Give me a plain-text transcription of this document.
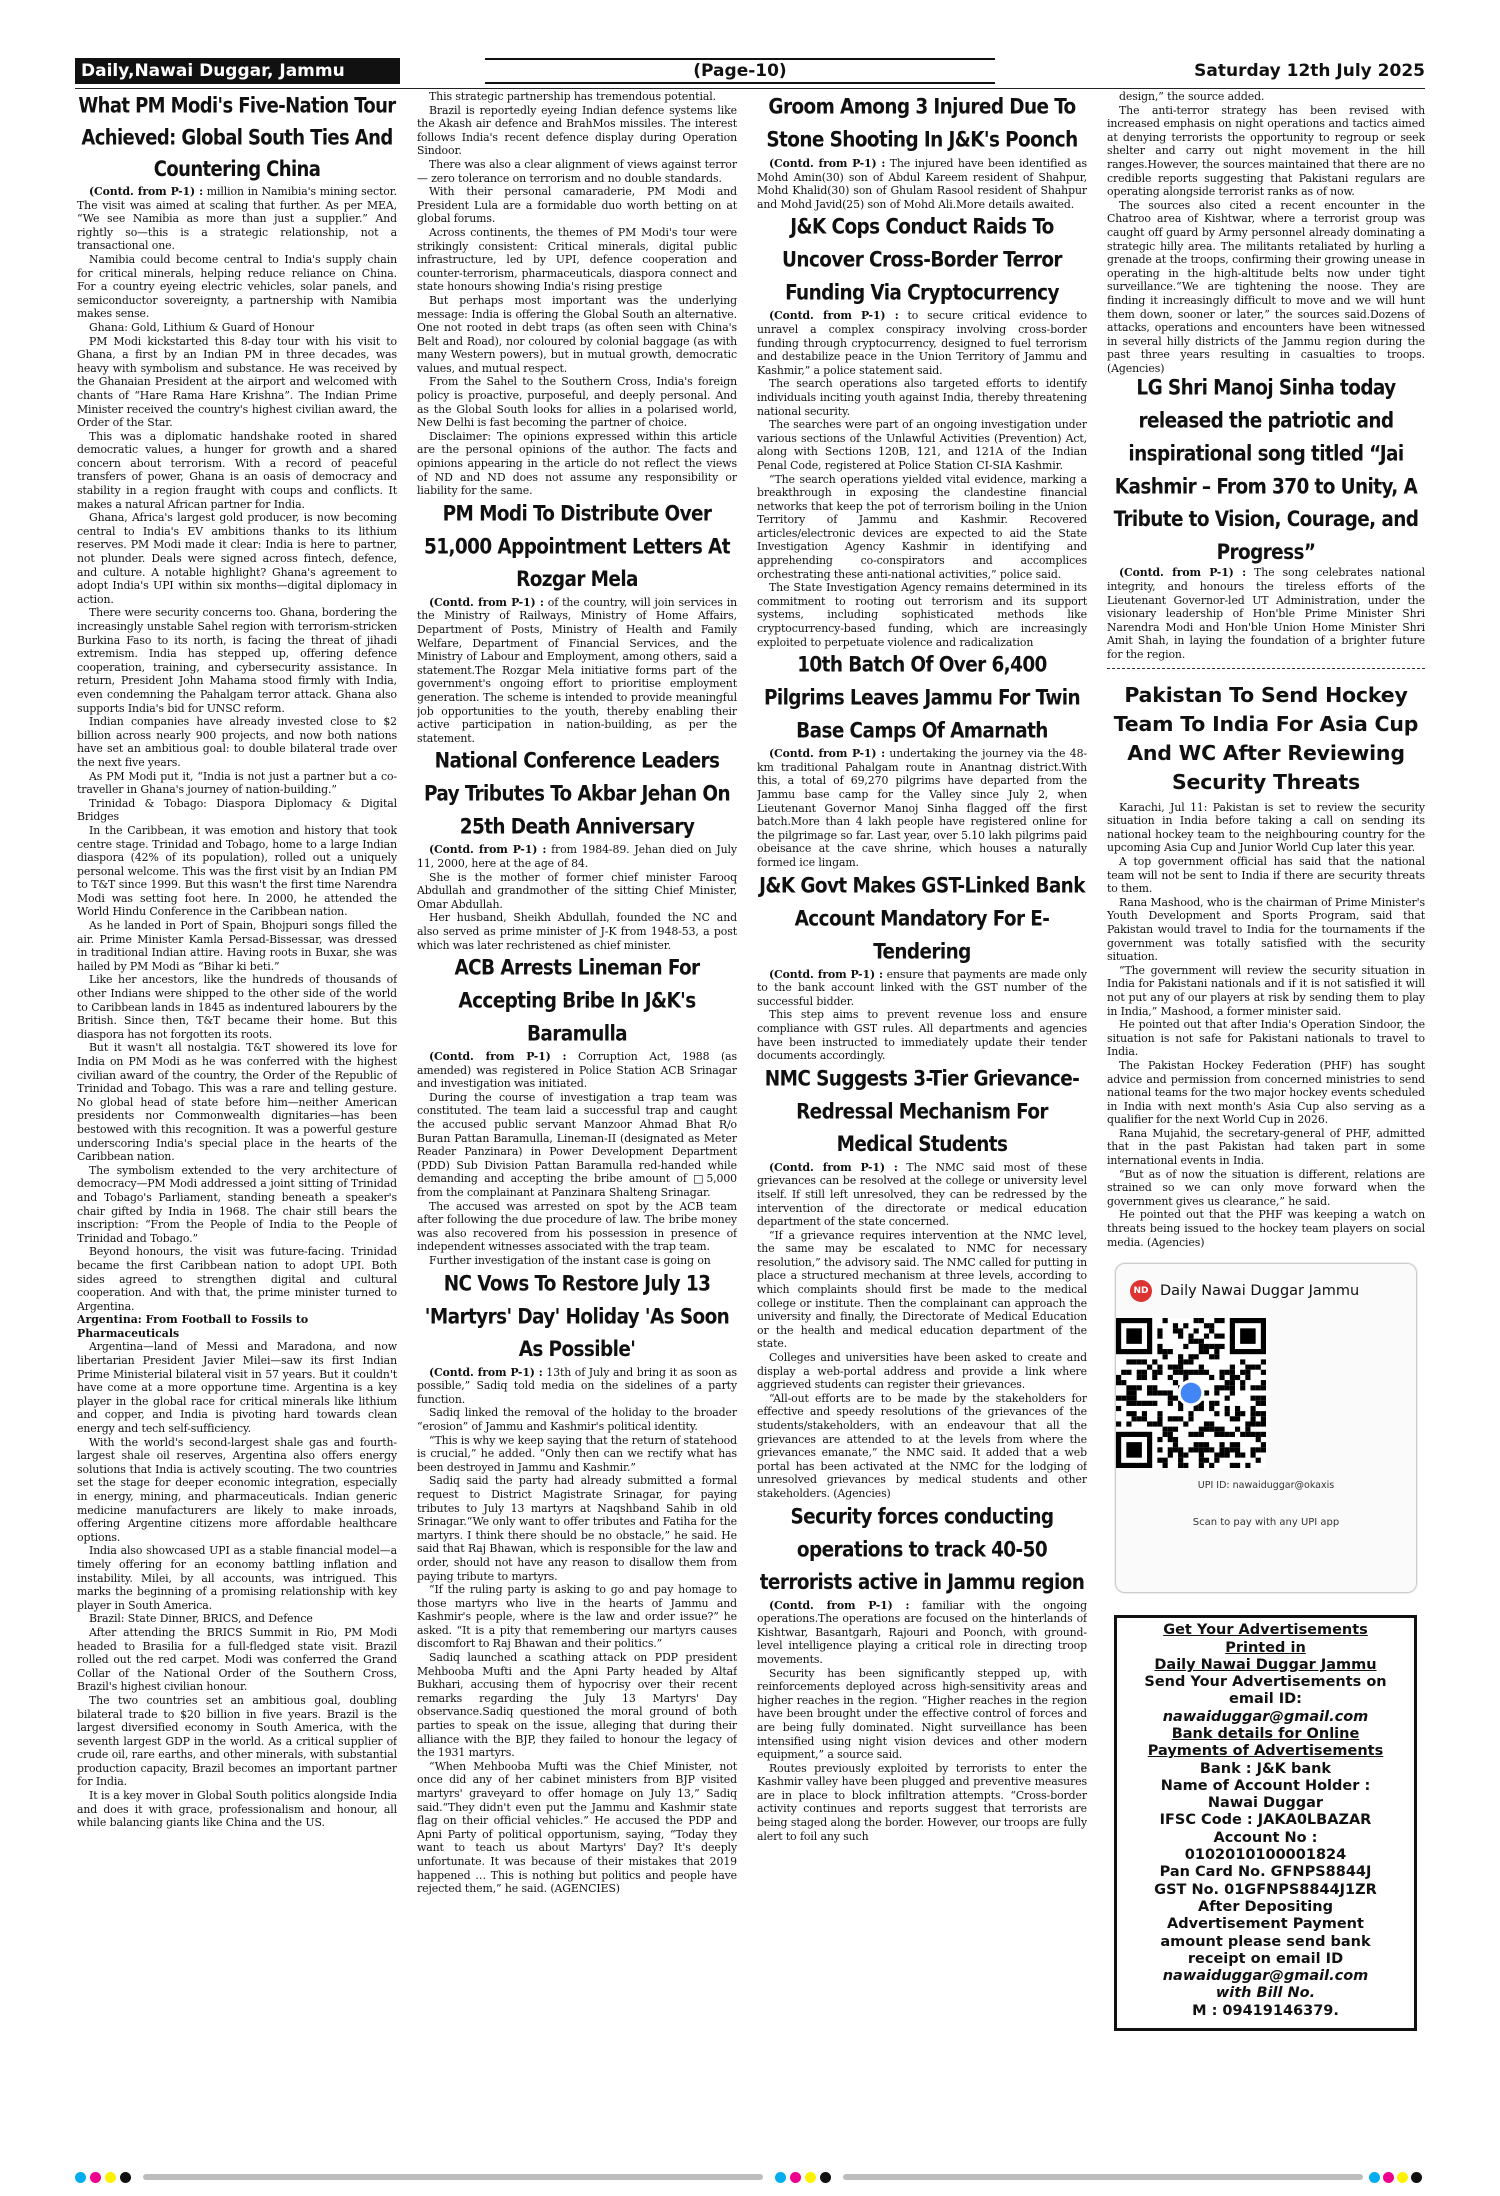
Daily,Nawai Duggar, Jammu	(Page-10)	Saturday 12th July 2025
What PM Modi's Five-Nation Tour Achieved: Global South Ties And Countering China

(Contd. from P-1) : million in Namibia's mining sector. The visit was aimed at scaling that further. As per MEA, “We see Namibia as more than just a supplier.” And rightly so—this is a strategic relationship, not a transactional one.

Namibia could become central to India's supply chain for critical minerals, helping reduce reliance on China. For a country eyeing electric vehicles, solar panels, and semiconductor sovereignty, a partnership with Namibia makes sense.

Ghana: Gold, Lithium & Guard of Honour

PM Modi kickstarted this 8-day tour with his visit to Ghana, a first by an Indian PM in three decades, was heavy with symbolism and substance. He was received by the Ghanaian President at the airport and welcomed with chants of “Hare Rama Hare Krishna”. The Indian Prime Minister received the country's highest civilian award, the Order of the Star.

This was a diplomatic handshake rooted in shared democratic values, a hunger for growth and a shared concern about terrorism. With a record of peaceful transfers of power, Ghana is an oasis of democracy and stability in a region fraught with coups and conflicts. It makes a natural African partner for India.

Ghana, Africa's largest gold producer, is now becoming central to India's EV ambitions thanks to its lithium reserves. PM Modi made it clear: India is here to partner, not plunder. Deals were signed across fintech, defence, and culture. A notable highlight? Ghana's agreement to adopt India's UPI within six months—digital diplomacy in action.

There were security concerns too. Ghana, bordering the increasingly unstable Sahel region with terrorism-stricken Burkina Faso to its north, is facing the threat of jihadi extremism. India has stepped up, offering defence cooperation, training, and cybersecurity assistance. In return, President John Mahama stood firmly with India, even condemning the Pahalgam terror attack. Ghana also supports India's bid for UNSC reform.

Indian companies have already invested close to $2 billion across nearly 900 projects, and now both nations have set an ambitious goal: to double bilateral trade over the next five years.

As PM Modi put it, “India is not just a partner but a co-traveller in Ghana's journey of nation-building.”

Trinidad & Tobago: Diaspora Diplomacy & Digital Bridges

In the Caribbean, it was emotion and history that took centre stage. Trinidad and Tobago, home to a large Indian diaspora (42% of its population), rolled out a uniquely personal welcome. This was the first visit by an Indian PM to T&T since 1999. But this wasn't the first time Narendra Modi was setting foot here. In 2000, he attended the World Hindu Conference in the Caribbean nation.

As he landed in Port of Spain, Bhojpuri songs filled the air. Prime Minister Kamla Persad-Bissessar, was dressed in traditional Indian attire. Having roots in Buxar, she was hailed by PM Modi as “Bihar ki beti.”

Like her ancestors, like the hundreds of thousands of other Indians were shipped to the other side of the world to Caribbean lands in 1845 as indentured labourers by the British. Since then, T&T became their home. But this diaspora has not forgotten its roots.

But it wasn't all nostalgia. T&T showered its love for India on PM Modi as he was conferred with the highest civilian award of the country, the Order of the Republic of Trinidad and Tobago. This was a rare and telling gesture. No global head of state before him—neither American presidents nor Commonwealth dignitaries—has been bestowed with this recognition. It was a powerful gesture underscoring India's special place in the hearts of the Caribbean nation.

The symbolism extended to the very architecture of democracy—PM Modi addressed a joint sitting of Trinidad and Tobago's Parliament, standing beneath a speaker's chair gifted by India in 1968. The chair still bears the inscription: “From the People of India to the People of Trinidad and Tobago.”

Beyond honours, the visit was future-facing. Trinidad became the first Caribbean nation to adopt UPI. Both sides agreed to strengthen digital and cultural cooperation. And with that, the prime minister turned to Argentina.

Argentina: From Football to Fossils to Pharmaceuticals

Argentina—land of Messi and Maradona, and now libertarian President Javier Milei—saw its first Indian Prime Ministerial bilateral visit in 57 years. But it couldn't have come at a more opportune time. Argentina is a key player in the global race for critical minerals like lithium and copper, and India is pivoting hard towards clean energy and tech self-sufficiency.

With the world's second-largest shale gas and fourth-largest shale oil reserves, Argentina also offers energy solutions that India is actively scouting. The two countries set the stage for deeper economic integration, especially in energy, mining, and pharmaceuticals. Indian generic medicine manufacturers are likely to make inroads, offering Argentine citizens more affordable healthcare options.

India also showcased UPI as a stable financial model—a timely offering for an economy battling inflation and instability. Milei, by all accounts, was intrigued. This marks the beginning of a promising relationship with key player in South America.

Brazil: State Dinner, BRICS, and Defence

After attending the BRICS Summit in Rio, PM Modi headed to Brasilia for a full-fledged state visit. Brazil rolled out the red carpet. Modi was conferred the Grand Collar of the National Order of the Southern Cross, Brazil's highest civilian honour.

The two countries set an ambitious goal, doubling bilateral trade to $20 billion in five years. Brazil is the largest diversified economy in South America, with the seventh largest GDP in the world. As a critical supplier of crude oil, rare earths, and other minerals, with substantial production capacity, Brazil becomes an important partner for India.

It is a key mover in Global South politics alongside India and does it with grace, professionalism and honour, all while balancing giants like China and the US.

This strategic partnership has tremendous potential.

Brazil is reportedly eyeing Indian defence systems like the Akash air defence and BrahMos missiles. The interest follows India's recent defence display during Operation Sindoor.

There was also a clear alignment of views against terror— zero tolerance on terrorism and no double standards.

With their personal camaraderie, PM Modi and President Lula are a formidable duo worth betting on at global forums.

Across continents, the themes of PM Modi's tour were strikingly consistent: Critical minerals, digital public infrastructure, led by UPI, defence cooperation and counter-terrorism, pharmaceuticals, diaspora connect and state honours showing India's rising prestige

But perhaps most important was the underlying message: India is offering the Global South an alternative. One not rooted in debt traps (as often seen with China's Belt and Road), nor coloured by colonial baggage (as with many Western powers), but in mutual growth, democratic values, and mutual respect.

From the Sahel to the Southern Cross, India's foreign policy is proactive, purposeful, and deeply personal. And as the Global South looks for allies in a polarised world, New Delhi is fast becoming the partner of choice.

Disclaimer: The opinions expressed within this article are the personal opinions of the author. The facts and opinions appearing in the article do not reflect the views of ND and ND does not assume any responsibility or liability for the same.

PM Modi To Distribute Over 51,000 Appointment Letters At Rozgar Mela

(Contd. from P-1) : of the country, will join services in the Ministry of Railways, Ministry of Home Affairs, Department of Posts, Ministry of Health and Family Welfare, Department of Financial Services, and the Ministry of Labour and Employment, among others, said a statement.The Rozgar Mela initiative forms part of the government's ongoing effort to prioritise employment generation. The scheme is intended to provide meaningful job opportunities to the youth, thereby enabling their active participation in nation-building, as per the statement.

National Conference Leaders Pay Tributes To Akbar Jehan On 25th Death Anniversary

(Contd. from P-1) : from 1984-89. Jehan died on July 11, 2000, here at the age of 84.

She is the mother of former chief minister Farooq Abdullah and grandmother of the sitting Chief Minister, Omar Abdullah.

Her husband, Sheikh Abdullah, founded the NC and also served as prime minister of J-K from 1948-53, a post which was later rechristened as chief minister.

ACB Arrests Lineman For Accepting Bribe In J&K's Baramulla

(Contd. from P-1) : Corruption Act, 1988 (as amended) was registered in Police Station ACB Srinagar and investigation was initiated.

During the course of investigation a trap team was constituted. The team laid a successful trap and caught the accused public servant Manzoor Ahmad Bhat R/o Buran Pattan Baramulla, Lineman-II (designated as Meter Reader Panzinara) in Power Development Department (PDD) Sub Division Pattan Baramulla red-handed while demanding and accepting the bribe amount of □5,000 from the complainant at Panzinara Shalteng Srinagar.

The accused was arrested on spot by the ACB team after following the due procedure of law. The bribe money was also recovered from his possession in presence of independent witnesses associated with the trap team.

Further investigation of the instant case is going on

NC Vows To Restore July 13 'Martyrs' Day' Holiday 'As Soon As Possible'

(Contd. from P-1) : 13th of July and bring it as soon as possible,” Sadiq told media on the sidelines of a party function.

Sadiq linked the removal of the holiday to the broader “erosion” of Jammu and Kashmir's political identity.

“This is why we keep saying that the return of statehood is crucial,” he added. “Only then can we rectify what has been destroyed in Jammu and Kashmir.”

Sadiq said the party had already submitted a formal request to District Magistrate Srinagar, for paying tributes to July 13 martyrs at Naqshband Sahib in old Srinagar.“We only want to offer tributes and Fatiha for the martyrs. I think there should be no obstacle,” he said. He said that Raj Bhawan, which is responsible for the law and order, should not have any reason to disallow them from paying tribute to martyrs.

“If the ruling party is asking to go and pay homage to those martyrs who live in the hearts of Jammu and Kashmir's people, where is the law and order issue?” he asked. “It is a pity that remembering our martyrs causes discomfort to Raj Bhawan and their politics.”

Sadiq launched a scathing attack on PDP president Mehbooba Mufti and the Apni Party headed by Altaf Bukhari, accusing them of hypocrisy over their recent remarks regarding the July 13 Martyrs' Day observance.Sadiq questioned the moral ground of both parties to speak on the issue, alleging that during their alliance with the BJP, they failed to honour the legacy of the 1931 martyrs.

“When Mehbooba Mufti was the Chief Minister, not once did any of her cabinet ministers from BJP visited martyrs' graveyard to offer homage on July 13,” Sadiq said.“They didn't even put the Jammu and Kashmir state flag on their official vehicles.” He accused the PDP and Apni Party of political opportunism, saying, “Today they want to teach us about Martyrs' Day? It's deeply unfortunate. It was because of their mistakes that 2019 happened … This is nothing but politics and people have rejected them,” he said. (AGENCIES)

Groom Among 3 Injured Due To Stone Shooting In J&K's Poonch

(Contd. from P-1) : The injured have been identified as Mohd Amin(30) son of Abdul Kareem resident of Shahpur, Mohd Khalid(30) son of Ghulam Rasool resident of Shahpur and Mohd Javid(25) son of Mohd Ali.More details awaited.

J&K Cops Conduct Raids To Uncover Cross-Border Terror Funding Via Cryptocurrency

(Contd. from P-1) : to secure critical evidence to unravel a complex conspiracy involving cross-border funding through cryptocurrency, designed to fuel terrorism and destabilize peace in the Union Territory of Jammu and Kashmir,” a police statement said.

The search operations also targeted efforts to identify individuals inciting youth against India, thereby threatening national security.

The searches were part of an ongoing investigation under various sections of the Unlawful Activities (Prevention) Act, along with Sections 120B, 121, and 121A of the Indian Penal Code, registered at Police Station CI-SIA Kashmir.

“The search operations yielded vital evidence, marking a breakthrough in exposing the clandestine financial networks that keep the pot of terrorism boiling in the Union Territory of Jammu and Kashmir. Recovered articles/electronic devices are expected to aid the State Investigation Agency Kashmir in identifying and apprehending co-conspirators and accomplices orchestrating these anti-national activities,” police said.

The State Investigation Agency remains determined in its commitment to rooting out terrorism and its support systems, including sophisticated methods like cryptocurrency-based funding, which are increasingly exploited to perpetuate violence and radicalization

10th Batch Of Over 6,400 Pilgrims Leaves Jammu For Twin Base Camps Of Amarnath

(Contd. from P-1) : undertaking the journey via the 48-km traditional Pahalgam route in Anantnag district.With this, a total of 69,270 pilgrims have departed from the Jammu base camp for the Valley since July 2, when Lieutenant Governor Manoj Sinha flagged off the first batch.More than 4 lakh people have registered online for the pilgrimage so far. Last year, over 5.10 lakh pilgrims paid obeisance at the cave shrine, which houses a naturally formed ice lingam.

J&K Govt Makes GST-Linked Bank Account Mandatory For E-Tendering

(Contd. from P-1) : ensure that payments are made only to the bank account linked with the GST number of the successful bidder.

This step aims to prevent revenue loss and ensure compliance with GST rules. All departments and agencies have been instructed to immediately update their tender documents accordingly.

NMC Suggests 3-Tier Grievance-Redressal Mechanism For Medical Students

(Contd. from P-1) : The NMC said most of these grievances can be resolved at the college or university level itself. If still left unresolved, they can be redressed by the intervention of the directorate or medical education department of the state concerned.

“If a grievance requires intervention at the NMC level, the same may be escalated to NMC for necessary resolution,” the advisory said. The NMC called for putting in place a structured mechanism at three levels, according to which complaints should first be made to the medical college or institute. Then the complainant can approach the university and finally, the Directorate of Medical Education or the health and medical education department of the state.

Colleges and universities have been asked to create and display a web-portal address and provide a link where aggrieved students can register their grievances.

“All-out efforts are to be made by the stakeholders for effective and speedy resolutions of the grievances of the students/stakeholders, with an endeavour that all the grievances are attended to at the levels from where the grievances emanate,” the NMC said. It added that a web portal has been activated at the NMC for the lodging of unresolved grievances by medical students and other stakeholders. (Agencies)

Security forces conducting operations to track 40-50 terrorists active in Jammu region

(Contd. from P-1) : familiar with the ongoing operations.The operations are focused on the hinterlands of Kishtwar, Basantgarh, Rajouri and Poonch, with ground-level intelligence playing a critical role in directing troop movements.

Security has been significantly stepped up, with reinforcements deployed across high-sensitivity areas and higher reaches in the region. “Higher reaches in the region have been brought under the effective control of forces and are being fully dominated. Night surveillance has been intensified using night vision devices and other modern equipment,” a source said.

Routes previously exploited by terrorists to enter the Kashmir valley have been plugged and preventive measures are in place to block infiltration attempts. “Cross-border activity continues and reports suggest that terrorists are being staged along the border. However, our troops are fully alert to foil any such

design,” the source added.

The anti-terror strategy has been revised with increased emphasis on night operations and tactics aimed at denying terrorists the opportunity to regroup or seek shelter and carry out night movement in the hill ranges.However, the sources maintained that there are no credible reports suggesting that Pakistani regulars are operating alongside terrorist ranks as of now.

The sources also cited a recent encounter in the Chatroo area of Kishtwar, where a terrorist group was caught off guard by Army personnel already dominating a strategic hilly area. The militants retaliated by hurling a grenade at the troops, confirming their growing unease in operating in the high-altitude belts now under tight surveillance.“We are tightening the noose. They are finding it increasingly difficult to move and we will hunt them down, sooner or later,” the sources said.Dozens of attacks, operations and encounters have been witnessed in several hilly districts of the Jammu region during the past three years resulting in casualties to troops. (Agencies)

LG Shri Manoj Sinha today released the patriotic and inspirational song titled “Jai Kashmir – From 370 to Unity, A Tribute to Vision, Courage, and Progress”

(Contd. from P-1) : The song celebrates national integrity, and honours the tireless efforts of the Lieutenant Governor-led UT Administration, under the visionary leadership of Hon'ble Prime Minister Shri Narendra Modi and Hon'ble Union Home Minister Shri Amit Shah, in laying the foundation of a brighter future for the region.

Pakistan To Send Hockey Team To India For Asia Cup And WC After Reviewing Security Threats

Karachi, Jul 11: Pakistan is set to review the security situation in India before taking a call on sending its national hockey team to the neighbouring country for the upcoming Asia Cup and Junior World Cup later this year.

A top government official has said that the national team will not be sent to India if there are security threats to them.

Rana Mashood, who is the chairman of Prime Minister's Youth Development and Sports Program, said that Pakistan would travel to India for the tournaments if the government was totally satisfied with the security situation.

“The government will review the security situation in India for Pakistani nationals and if it is not satisfied it will not put any of our players at risk by sending them to play in India,” Mashood, a former minister said.

He pointed out that after India's Operation Sindoor, the situation is not safe for Pakistani nationals to travel to India.

The Pakistan Hockey Federation (PHF) has sought advice and permission from concerned ministries to send national teams for the two major hockey events scheduled in India with next month's Asia Cup also serving as a qualifier for the next World Cup in 2026.

Rana Mujahid, the secretary-general of PHF, admitted that in the past Pakistan had taken part in some international events in India.

“But as of now the situation is different, relations are strained so we can only move forward when the government gives us clearance,” he said.

He pointed out that the PHF was keeping a watch on threats being issued to the hockey team players on social media. (Agencies)

ND Daily Nawai Duggar Jammu
UPI ID: nawaiduggar@okaxis
Scan to pay with any UPI app
Get Your Advertisements
Printed in
Daily Nawai Duggar Jammu
Send Your Advertisements on
email ID:
nawaiduggar@gmail.com
Bank details for Online
Payments of Advertisements
Bank : J&K bank
Name of Account Holder :
Nawai Duggar
IFSC Code : JAKA0LBAZAR
Account No :
0102010100001824
Pan Card No. GFNPS8844J
GST No. 01GFNPS8844J1ZR
After Depositing
Advertisement Payment
amount please send bank
receipt on email ID
nawaiduggar@gmail.com
with Bill No.
M : 09419146379.
